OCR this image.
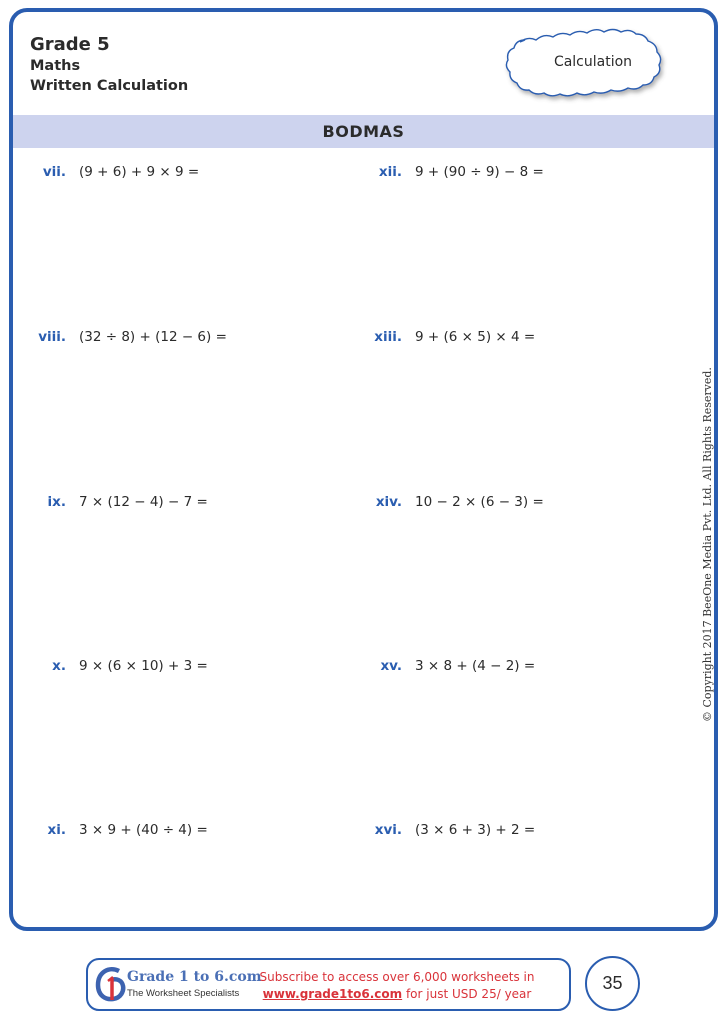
Grade 5
Maths
Written Calculation
Calculation
BODMAS
vii. (9 + 6) + 9 × 9 =
viii. (32 ÷ 8) + (12 − 6) =
ix. 7 × (12 − 4) − 7 =
x. 9 × (6 × 10) + 3 =
xi. 3 × 9 + (40 ÷ 4) =
xii. 9 + (90 ÷ 9) − 8 =
xiii. 9 + (6 × 5) × 4 =
xiv. 10 − 2 × (6 − 3) =
xv. 3 × 8 + (4 − 2) =
xvi. (3 × 6 + 3) + 2 =
© Copyright 2017 BeeOne Media Pvt. Ltd. All Rights Reserved.
Grade 1 to 6.com
The Worksheet Specialists
Subscribe to access over 6,000 worksheets in
www.grade1to6.com for just USD 25/ year
35
